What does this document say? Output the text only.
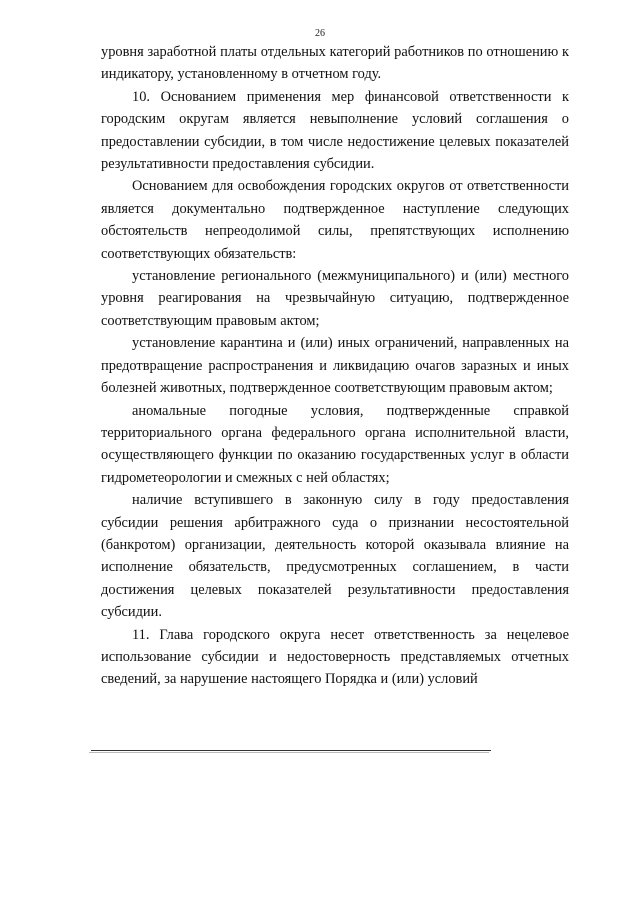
26

уровня заработной платы отдельных категорий работников по отношению к индикатору, установленному в отчетном году.

10. Основанием применения мер финансовой ответственности к городским округам является невыполнение условий соглашения о предоставлении субсидии, в том числе недостижение целевых показателей результативности предоставления субсидии.

Основанием для освобождения городских округов от ответственности является документально подтвержденное наступление следующих обстоятельств непреодолимой силы, препятствующих исполнению соответствующих обязательств:

установление регионального (межмуниципального) и (или) местного уровня реагирования на чрезвычайную ситуацию, подтвержденное соответствующим правовым актом;

установление карантина и (или) иных ограничений, направленных на предотвращение распространения и ликвидацию очагов заразных и иных болезней животных, подтвержденное соответствующим правовым актом;

аномальные погодные условия, подтвержденные справкой территориального органа федерального органа исполнительной власти, осуществляющего функции по оказанию государственных услуг в области гидрометеорологии и смежных с ней областях;

наличие вступившего в законную силу в году предоставления субсидии решения арбитражного суда о признании несостоятельной (банкротом) организации, деятельность которой оказывала влияние на исполнение обязательств, предусмотренных соглашением, в части достижения целевых показателей результативности предоставления субсидии.

11. Глава городского округа несет ответственность за нецелевое использование субсидии и недостоверность представляемых отчетных сведений, за нарушение настоящего Порядка и (или) условий
